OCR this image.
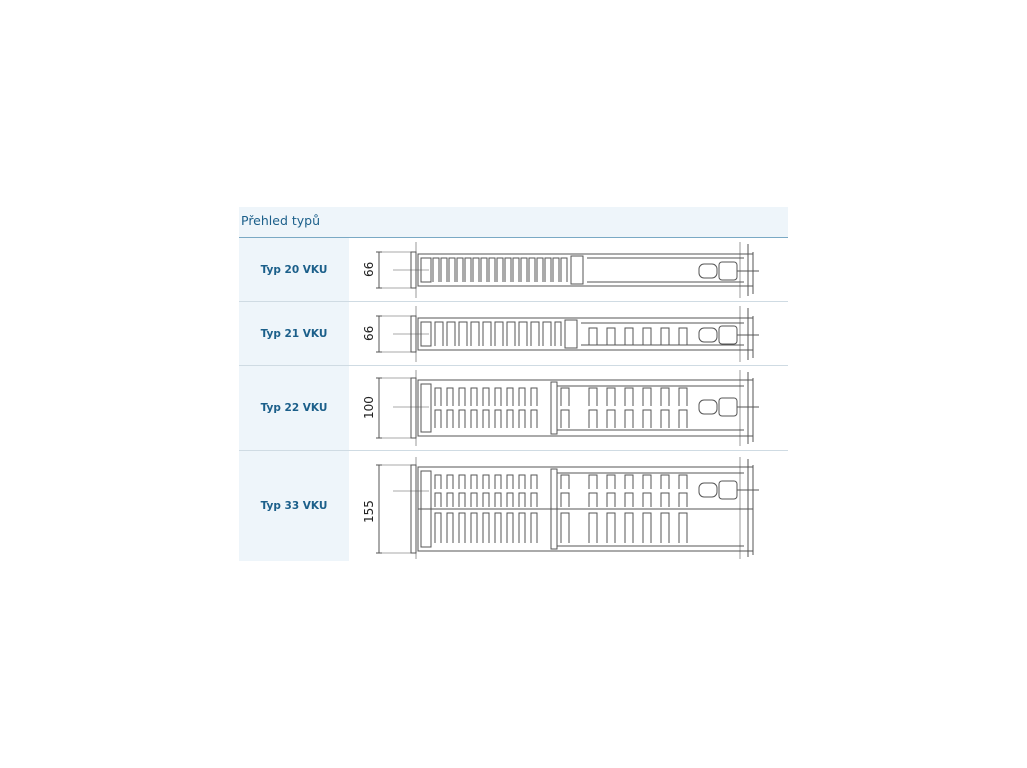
Přehled typů
Typ 20 VKU	66
Typ 21 VKU	66
Typ 22 VKU	100
Typ 33 VKU	155
